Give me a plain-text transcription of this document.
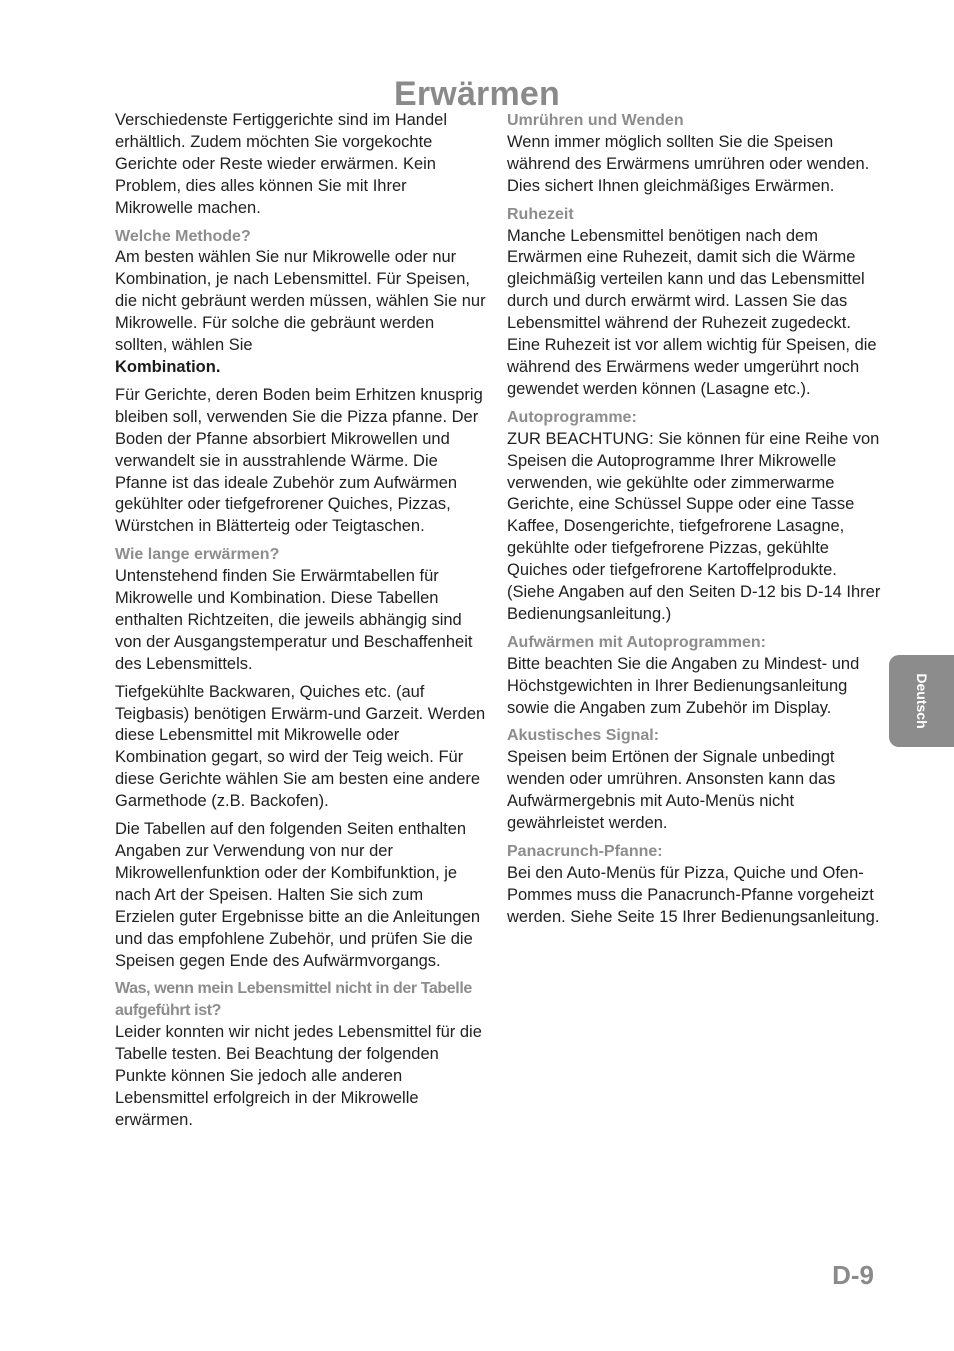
Erwärmen

Verschiedenste Fertiggerichte sind im Handel erhältlich. Zudem möchten Sie vorgekochte Gerichte oder Reste wieder erwärmen. Kein Problem, dies alles können Sie mit Ihrer Mikrowelle machen.

Welche Methode?

Am besten wählen Sie nur Mikrowelle oder nur Kombination, je nach Lebensmittel. Für Speisen, die nicht gebräunt werden müssen, wählen Sie nur Mikrowelle. Für solche die gebräunt werden sollten, wählen Sie
Kombination.

Für Gerichte, deren Boden beim Erhitzen knusprig bleiben soll, verwenden Sie die Pizza pfanne. Der Boden der Pfanne absorbiert Mikrowellen und verwandelt sie in ausstrahlende Wärme. Die Pfanne ist das ideale Zubehör zum Aufwärmen gekühlter oder tiefgefrorener Quiches, Pizzas, Würstchen in Blätterteig oder Teigtaschen.

Wie lange erwärmen?

Untenstehend finden Sie Erwärmtabellen für Mikrowelle und Kombination. Diese Tabellen enthalten Richtzeiten, die jeweils abhängig sind von der Ausgangstemperatur und Beschaffenheit des Lebensmittels.

Tiefgekühlte Backwaren, Quiches etc. (auf Teigbasis) benötigen Erwärm-und Garzeit. Werden diese Lebensmittel mit Mikrowelle oder Kombination gegart, so wird der Teig weich. Für diese Gerichte wählen Sie am besten eine andere Garmethode (z.B. Backofen).

Die Tabellen auf den folgenden Seiten enthalten Angaben zur Verwendung von nur der Mikrowellenfunktion oder der Kombifunktion, je nach Art der Speisen. Halten Sie sich zum Erzielen guter Ergebnisse bitte an die Anleitungen und das empfohlene Zubehör, und prüfen Sie die Speisen gegen Ende des Aufwärmvorgangs.

Was, wenn mein Lebensmittel nicht in der Tabelle aufgeführt ist?

Leider konnten wir nicht jedes Lebensmittel für die Tabelle testen. Bei Beachtung der folgenden Punkte können Sie jedoch alle anderen Lebensmittel erfolgreich in der Mikrowelle erwärmen.

Umrühren und Wenden

Wenn immer möglich sollten Sie die Speisen während des Erwärmens umrühren oder wenden. Dies sichert Ihnen gleichmäßiges Erwärmen.

Ruhezeit

Manche Lebensmittel benötigen nach dem Erwärmen eine Ruhezeit, damit sich die Wärme gleichmäßig verteilen kann und das Lebensmittel durch und durch erwärmt wird. Lassen Sie das Lebensmittel während der Ruhezeit zugedeckt. Eine Ruhezeit ist vor allem wichtig für Speisen, die während des Erwärmens weder umgerührt noch gewendet werden können (Lasagne etc.).

Autoprogramme:

ZUR BEACHTUNG: Sie können für eine Reihe von Speisen die Autoprogramme Ihrer Mikrowelle verwenden, wie gekühlte oder zimmerwarme Gerichte, eine Schüssel Suppe oder eine Tasse Kaffee, Dosengerichte, tiefgefrorene Lasagne, gekühlte oder tiefgefrorene Pizzas, gekühlte Quiches oder tiefgefrorene Kartoffelprodukte. (Siehe Angaben auf den Seiten D-12 bis D-14 Ihrer Bedienungsanleitung.)

Aufwärmen mit Autoprogrammen:

Bitte beachten Sie die Angaben zu Mindest- und Höchstgewichten in Ihrer Bedienungsanleitung sowie die Angaben zum Zubehör im Display.

Akustisches Signal:

Speisen beim Ertönen der Signale unbedingt wenden oder umrühren. Ansonsten kann das Aufwärmergebnis mit Auto-Menüs nicht gewährleistet werden.

Panacrunch-Pfanne:

Bei den Auto-Menüs für Pizza, Quiche und Ofen-Pommes muss die Panacrunch-Pfanne vorgeheizt werden. Siehe Seite 15 Ihrer Bedienungsanleitung.

Deutsch
D-9
